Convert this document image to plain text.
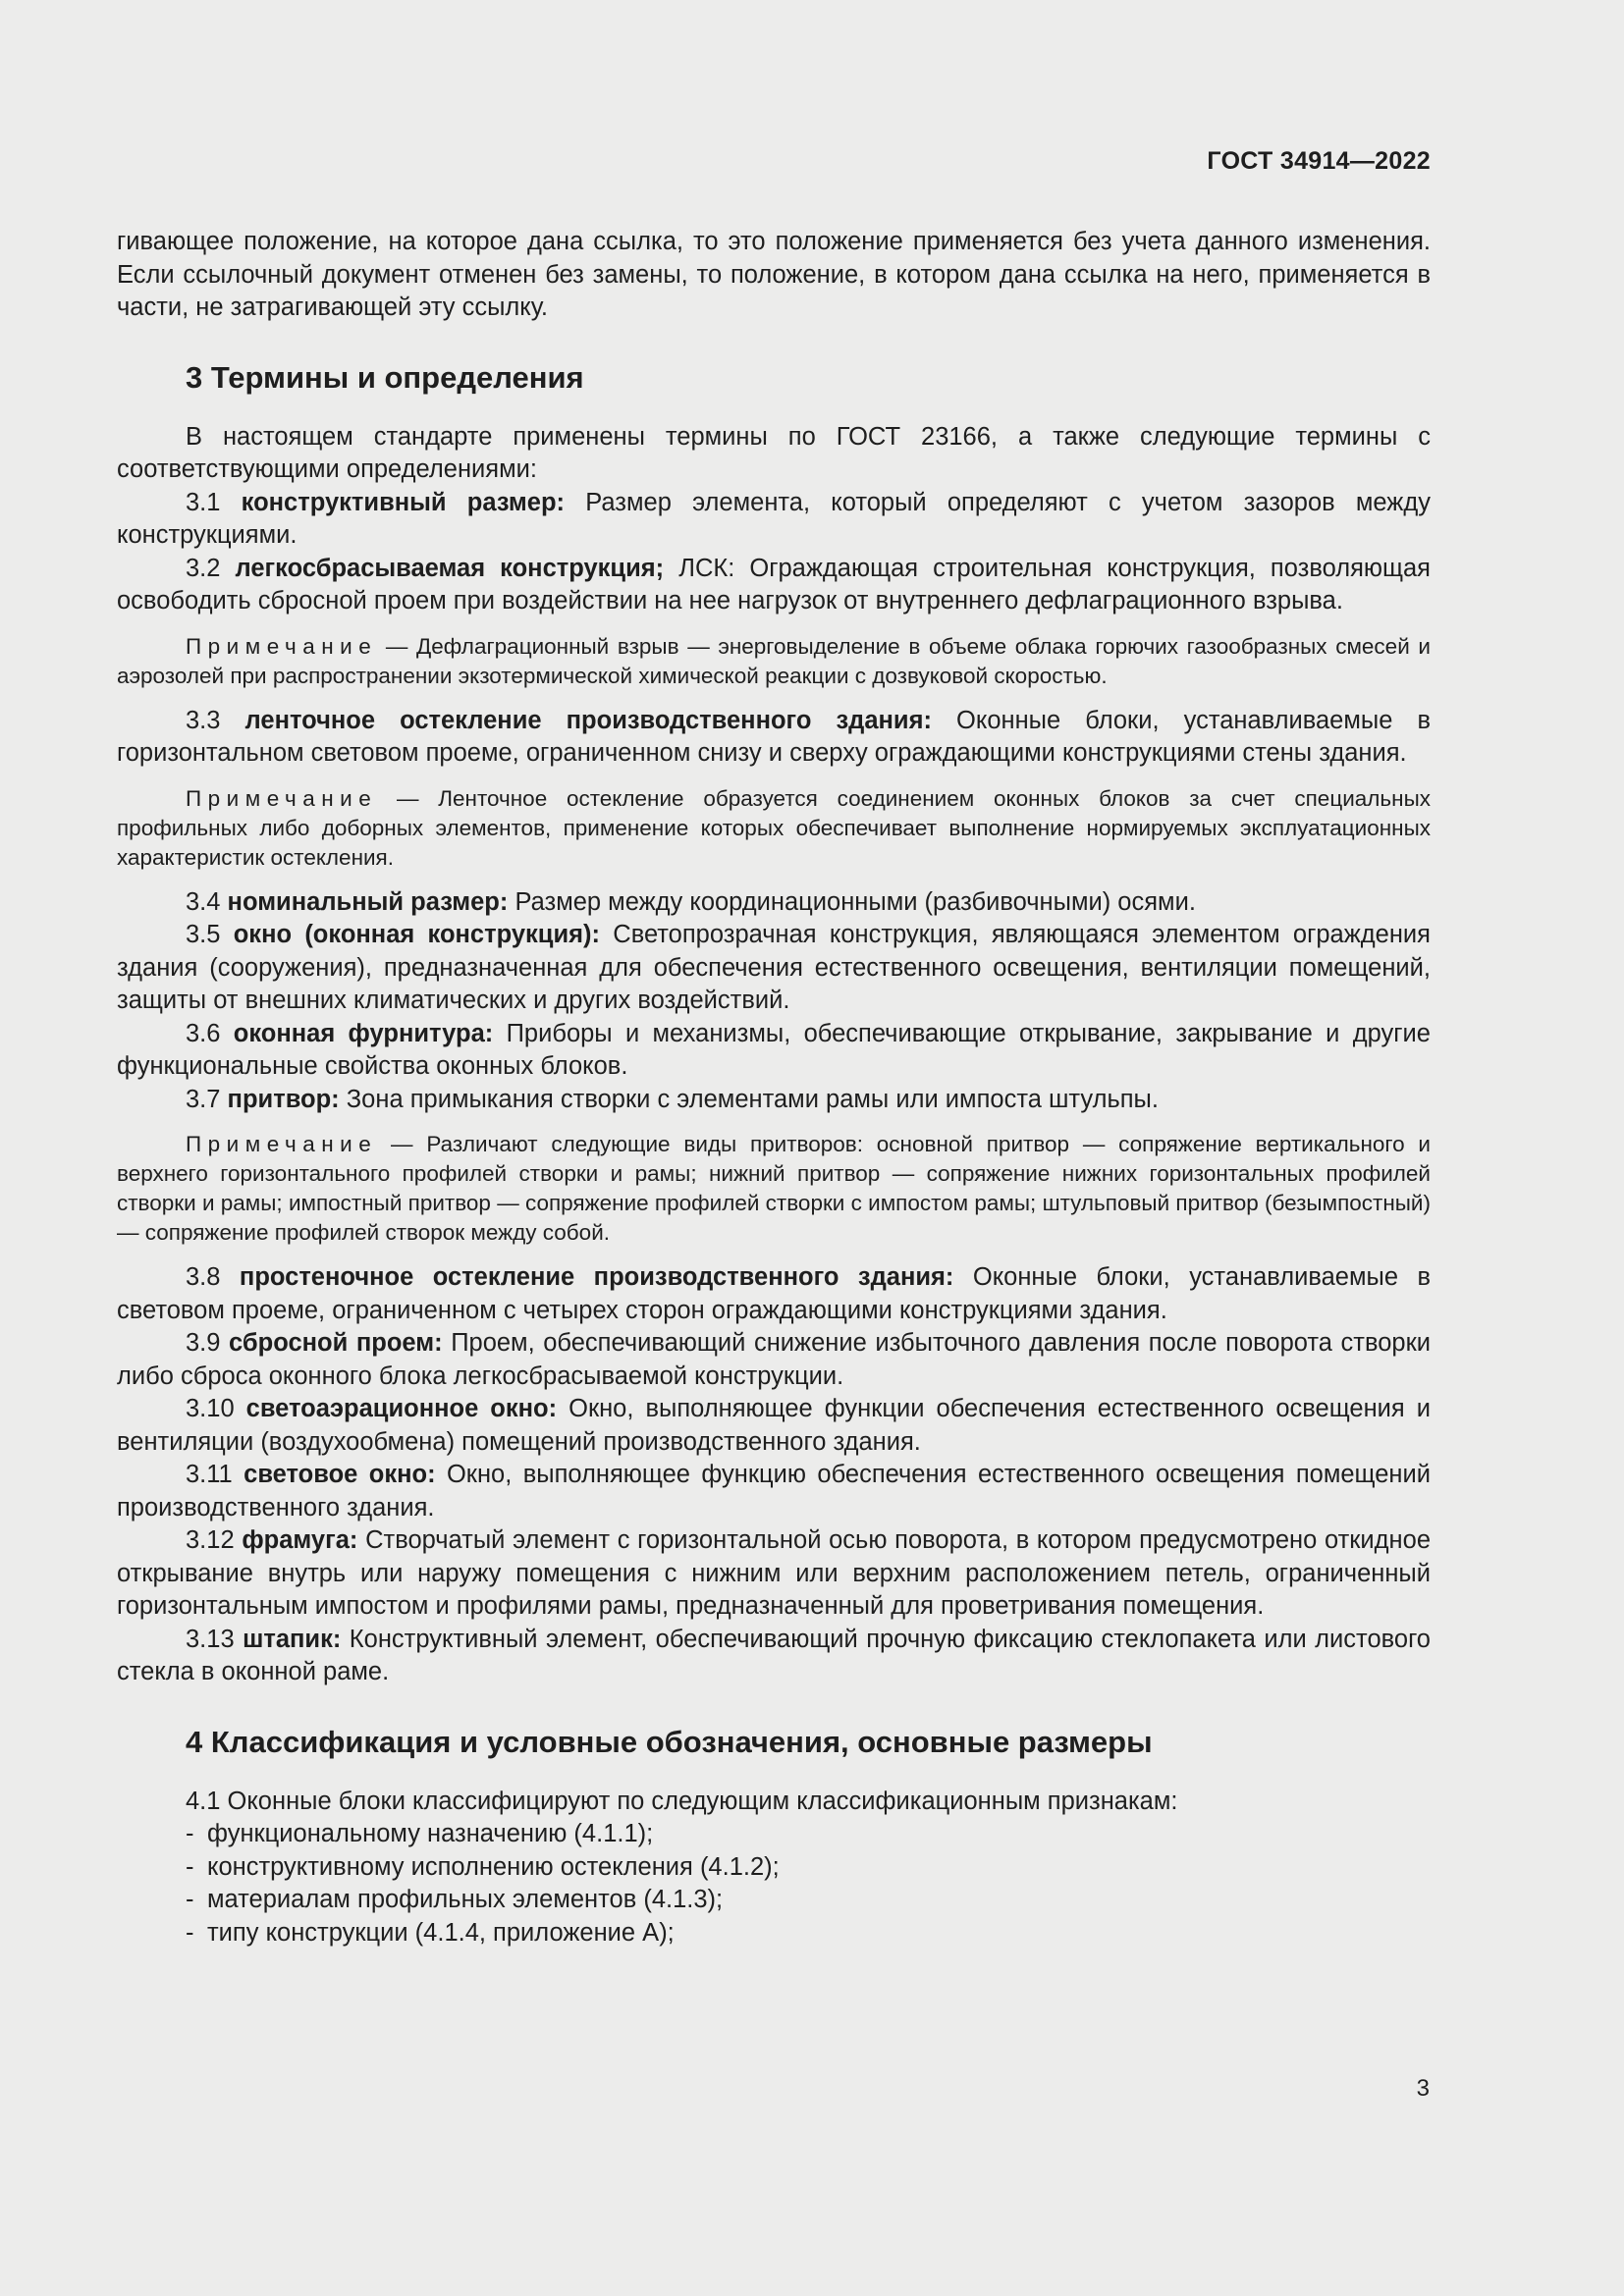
ГОСТ 34914—2022

гивающее положение, на которое дана ссылка, то это положение применяется без учета данного изменения. Если ссылочный документ отменен без замены, то положение, в котором дана ссылка на него, применяется в части, не затрагивающей эту ссылку.

3 Термины и определения

В настоящем стандарте применены термины по ГОСТ 23166, а также следующие термины с соответствующими определениями:

3.1 конструктивный размер: Размер элемента, который определяют с учетом зазоров между конструкциями.

3.2 легкосбрасываемая конструкция; ЛСК: Ограждающая строительная конструкция, позволяющая освободить сбросной проем при воздействии на нее нагрузок от внутреннего дефлаграционного взрыва.

Примечание — Дефлаграционный взрыв — энерговыделение в объеме облака горючих газообразных смесей и аэрозолей при распространении экзотермической химической реакции с дозвуковой скоростью.

3.3 ленточное остекление производственного здания: Оконные блоки, устанавливаемые в горизонтальном световом проеме, ограниченном снизу и сверху ограждающими конструкциями стены здания.

Примечание — Ленточное остекление образуется соединением оконных блоков за счет специальных профильных либо доборных элементов, применение которых обеспечивает выполнение нормируемых эксплуатационных характеристик остекления.

3.4 номинальный размер: Размер между координационными (разбивочными) осями.

3.5 окно (оконная конструкция): Светопрозрачная конструкция, являющаяся элементом ограждения здания (сооружения), предназначенная для обеспечения естественного освещения, вентиляции помещений, защиты от внешних климатических и других воздействий.

3.6 оконная фурнитура: Приборы и механизмы, обеспечивающие открывание, закрывание и другие функциональные свойства оконных блоков.

3.7 притвор: Зона примыкания створки с элементами рамы или импоста штульпы.

Примечание — Различают следующие виды притворов: основной притвор — сопряжение вертикального и верхнего горизонтального профилей створки и рамы; нижний притвор — сопряжение нижних горизонтальных профилей створки и рамы; импостный притвор — сопряжение профилей створки с импостом рамы; штульповый притвор (безымпостный) — сопряжение профилей створок между собой.

3.8 простеночное остекление производственного здания: Оконные блоки, устанавливаемые в световом проеме, ограниченном с четырех сторон ограждающими конструкциями здания.

3.9 сбросной проем: Проем, обеспечивающий снижение избыточного давления после поворота створки либо сброса оконного блока легкосбрасываемой конструкции.

3.10 светоаэрационное окно: Окно, выполняющее функции обеспечения естественного освещения и вентиляции (воздухообмена) помещений производственного здания.

3.11 световое окно: Окно, выполняющее функцию обеспечения естественного освещения помещений производственного здания.

3.12 фрамуга: Створчатый элемент с горизонтальной осью поворота, в котором предусмотрено откидное открывание внутрь или наружу помещения с нижним или верхним расположением петель, ограниченный горизонтальным импостом и профилями рамы, предназначенный для проветривания помещения.

3.13 штапик: Конструктивный элемент, обеспечивающий прочную фиксацию стеклопакета или листового стекла в оконной раме.

4 Классификация и условные обозначения, основные размеры

4.1 Оконные блоки классифицируют по следующим классификационным признакам:

- функциональному назначению (4.1.1);

- конструктивному исполнению остекления (4.1.2);

- материалам профильных элементов (4.1.3);

- типу конструкции (4.1.4, приложение А);

3
